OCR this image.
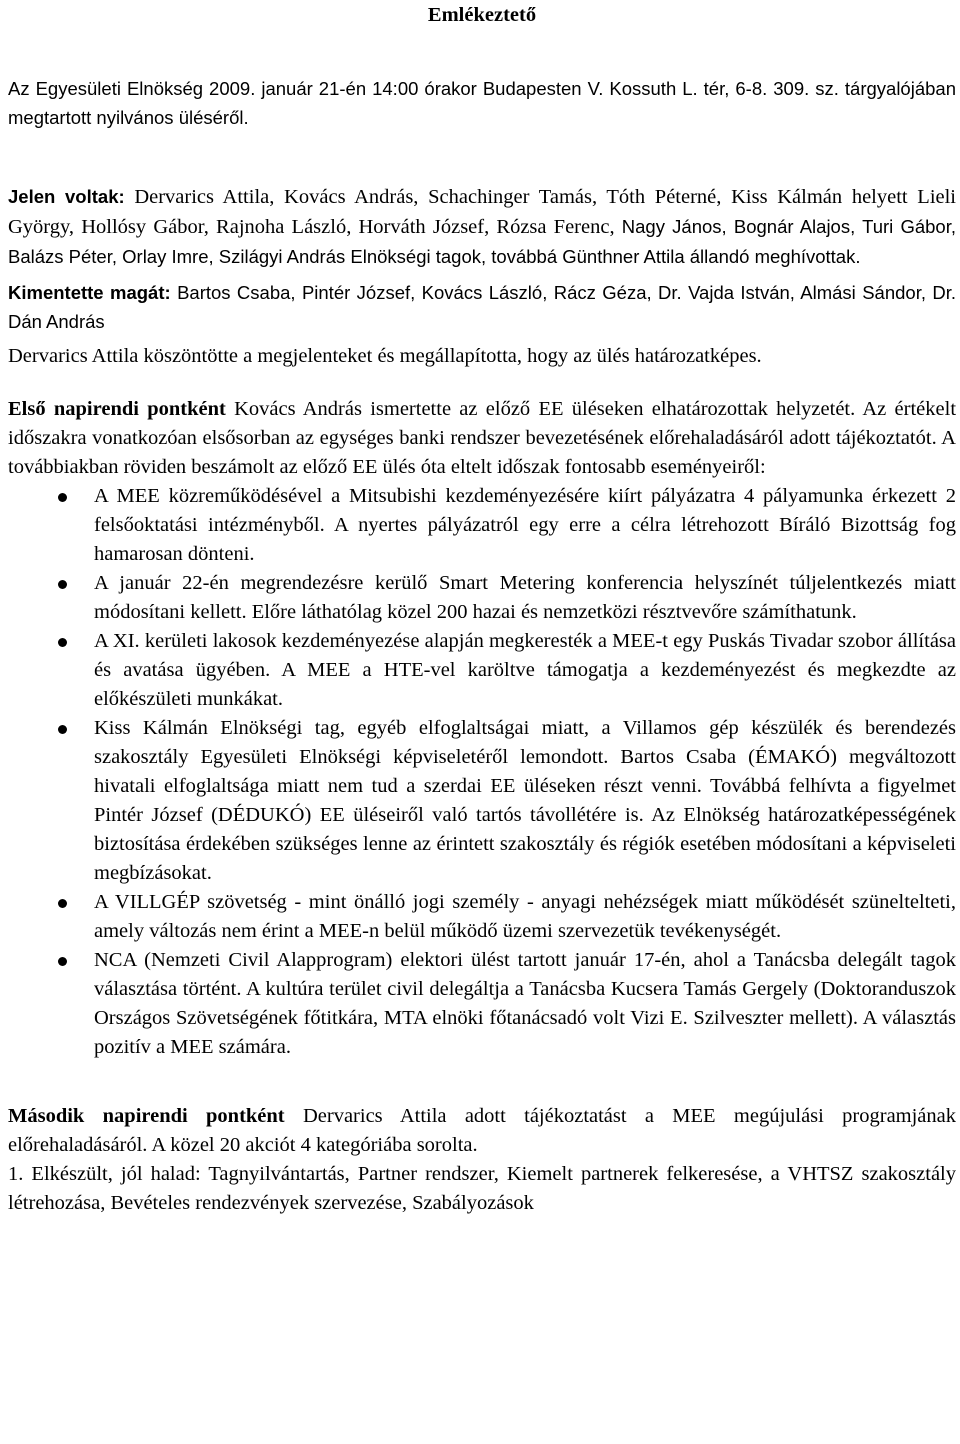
Emlékeztető

Az Egyesületi Elnökség 2009. január 21-én 14:00 órakor Budapesten V. Kossuth L. tér, 6-8. 309. sz. tárgyalójában megtartott nyilvános üléséről.

Jelen voltak: Dervarics Attila, Kovács András, Schachinger Tamás, Tóth Péterné, Kiss Kálmán helyett Lieli György, Hollósy Gábor, Rajnoha László, Horváth József, Rózsa Ferenc, Nagy János, Bognár Alajos, Turi Gábor, Balázs Péter, Orlay Imre, Szilágyi András Elnökségi tagok, továbbá Günthner Attila állandó meghívottak.

Kimentette magát: Bartos Csaba, Pintér József, Kovács László, Rácz Géza, Dr. Vajda István, Almási Sándor, Dr. Dán András

Dervarics Attila köszöntötte a megjelenteket és megállapította, hogy az ülés határozatképes.

Első napirendi pontként Kovács András ismertette az előző EE üléseken elhatározottak helyzetét. Az értékelt időszakra vonatkozóan elsősorban az egységes banki rendszer bevezetésének előrehaladásáról adott tájékoztatót. A továbbiakban röviden beszámolt az előző EE ülés óta eltelt időszak fontosabb eseményeiről:

A MEE közreműködésével a Mitsubishi kezdeményezésére kiírt pályázatra 4 pályamunka érkezett 2 felsőoktatási intézményből. A nyertes pályázatról egy erre a célra létrehozott Bíráló Bizottság fog hamarosan dönteni.
A január 22-én megrendezésre kerülő Smart Metering konferencia helyszínét túljelentkezés miatt módosítani kellett. Előre láthatólag közel 200 hazai és nemzetközi résztvevőre számíthatunk.
A XI. kerületi lakosok kezdeményezése alapján megkeresték a MEE-t egy Puskás Tivadar szobor állítása és avatása ügyében. A MEE a HTE-vel karöltve támogatja a kezdeményezést és megkezdte az előkészületi munkákat.
Kiss Kálmán Elnökségi tag, egyéb elfoglaltságai miatt, a Villamos gép készülék és berendezés szakosztály Egyesületi Elnökségi képviseletéről lemondott. Bartos Csaba (ÉMAKÓ) megváltozott hivatali elfoglaltsága miatt nem tud a szerdai EE üléseken részt venni. Továbbá felhívta a figyelmet Pintér József (DÉDUKÓ) EE üléseiről való tartós távollétére is. Az Elnökség határozatképességének biztosítása érdekében szükséges lenne az érintett szakosztály és régiók esetében módosítani a képviseleti megbízásokat.
A VILLGÉP szövetség - mint önálló jogi személy - anyagi nehézségek miatt működését szüneltelteti, amely változás nem érint a MEE-n belül működő üzemi szervezetük tevékenységét.
NCA (Nemzeti Civil Alapprogram) elektori ülést tartott január 17-én, ahol a Tanácsba delegált tagok választása történt. A kultúra terület civil delegáltja a Tanácsba Kucsera Tamás Gergely (Doktoranduszok Országos Szövetségének főtitkára, MTA elnöki főtanácsadó volt Vizi E. Szilveszter mellett). A választás pozitív a MEE számára.

Második napirendi pontként Dervarics Attila adott tájékoztatást a MEE megújulási programjának előrehaladásáról. A közel 20 akciót 4 kategóriába sorolta.

1. Elkészült, jól halad: Tagnyilvántartás, Partner rendszer, Kiemelt partnerek felkeresése, a VHTSZ szakosztály létrehozása, Bevételes rendezvények szervezése, Szabályozások
